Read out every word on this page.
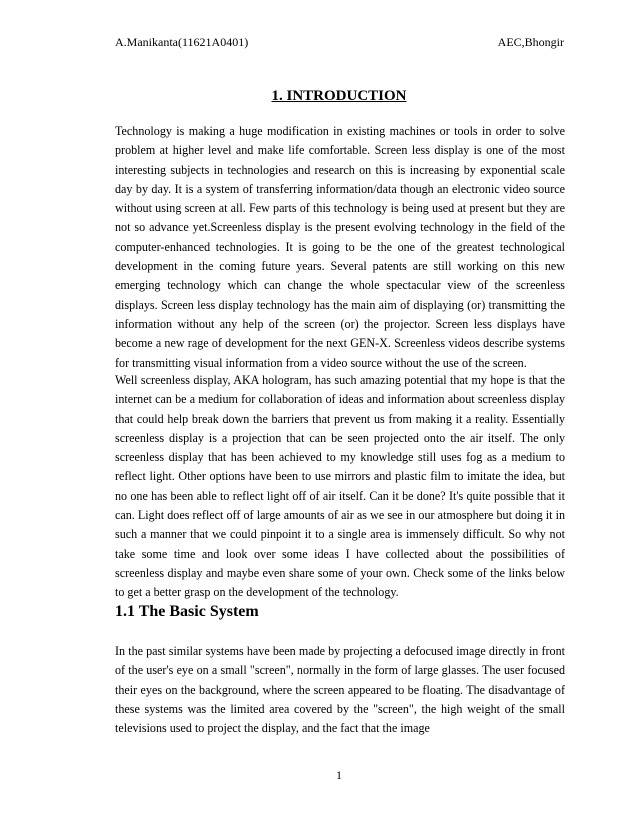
A.Manikanta(11621A0401)	AEC,Bhongir
1. INTRODUCTION

Technology is making a huge modification in existing machines or tools in order to solve problem at higher level and make life comfortable. Screen less display is one of the most interesting subjects in technologies and research on this is increasing by exponential scale day by day. It is a system of transferring information/data though an electronic video source without using screen at all. Few parts of this technology is being used at present but they are not so advance yet.Screenless display is the present evolving technology in the field of the computer-enhanced technologies. It is going to be the one of the greatest technological development in the coming future years. Several patents are still working on this new emerging technology which can change the whole spectacular view of the screenless displays. Screen less display technology has the main aim of displaying (or) transmitting the information without any help of the screen (or) the projector. Screen less displays have become a new rage of development for the next GEN-X. Screenless videos describe systems for transmitting visual information from a video source without the use of the screen.

Well screenless display, AKA hologram, has such amazing potential that my hope is that the internet can be a medium for collaboration of ideas and information about screenless display that could help break down the barriers that prevent us from making it a reality. Essentially screenless display is a projection that can be seen projected onto the air itself. The only screenless display that has been achieved to my knowledge still uses fog as a medium to reflect light. Other options have been to use mirrors and plastic film to imitate the idea, but no one has been able to reflect light off of air itself. Can it be done? It's quite possible that it can. Light does reflect off of large amounts of air as we see in our atmosphere but doing it in such a manner that we could pinpoint it to a single area is immensely difficult. So why not take some time and look over some ideas I have collected about the possibilities of screenless display and maybe even share some of your own. Check some of the links below to get a better grasp on the development of the technology.

1.1 The Basic System

In the past similar systems have been made by projecting a defocused image directly in front of the user's eye on a small "screen", normally in the form of large glasses. The user focused their eyes on the background, where the screen appeared to be floating. The disadvantage of these systems was the limited area covered by the "screen", the high weight of the small televisions used to project the display, and the fact that the image

1
